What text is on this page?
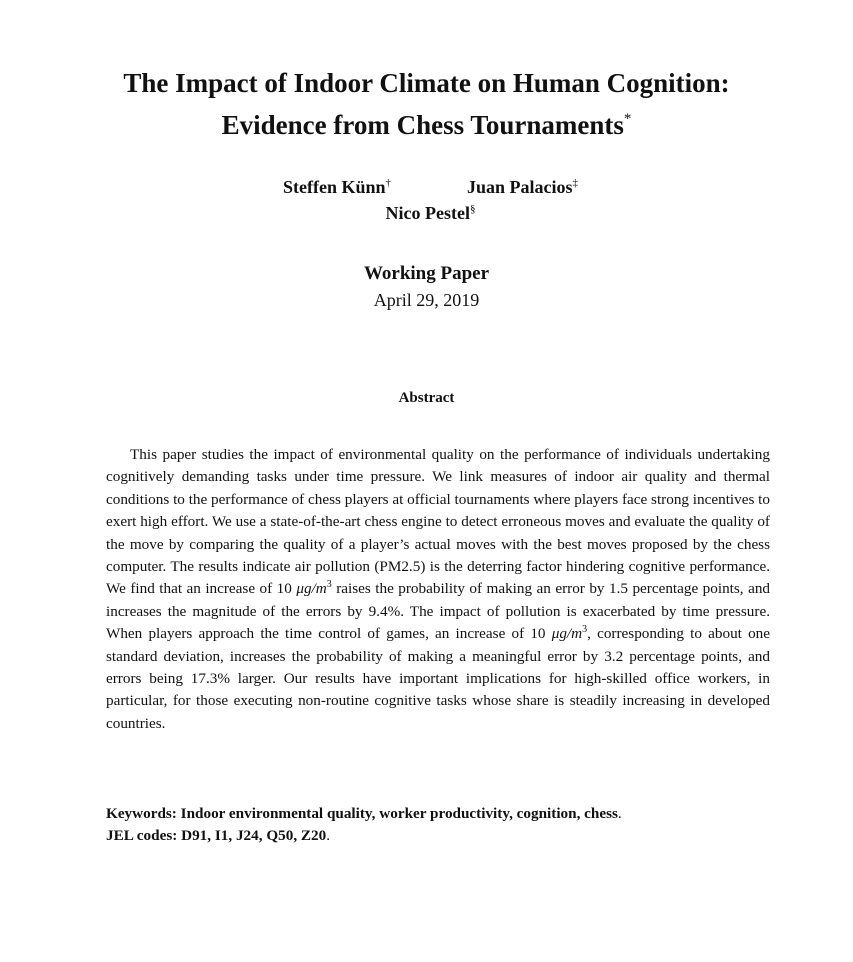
The Impact of Indoor Climate on Human Cognition:
Evidence from Chess Tournaments*
Steffen Künn†	Juan Palacios‡
Nico Pestel§
Working Paper
April 29, 2019
Abstract

This paper studies the impact of environmental quality on the performance of individuals undertaking cognitively demanding tasks under time pressure. We link measures of indoor air quality and thermal conditions to the performance of chess players at official tournaments where players face strong incentives to exert high effort. We use a state-of-the-art chess engine to detect erroneous moves and evaluate the quality of the move by comparing the quality of a player’s actual moves with the best moves proposed by the chess computer. The results indicate air pollution (PM2.5) is the deterring factor hindering cognitive performance. We find that an increase of 10 $\mu g/m^3$ raises the probability of making an error by 1.5 percentage points, and increases the magnitude of the errors by 9.4%. The impact of pollution is exacerbated by time pressure. When players approach the time control of games, an increase of 10 $\mu g/m^3$, corresponding to about one standard deviation, increases the probability of making a meaningful error by 3.2 percentage points, and errors being 17.3% larger. Our results have important implications for high-skilled office workers, in particular, for those executing non-routine cognitive tasks whose share is steadily increasing in developed countries.

Keywords: Indoor environmental quality, worker productivity, cognition, chess.
JEL codes: D91, I1, J24, Q50, Z20.
